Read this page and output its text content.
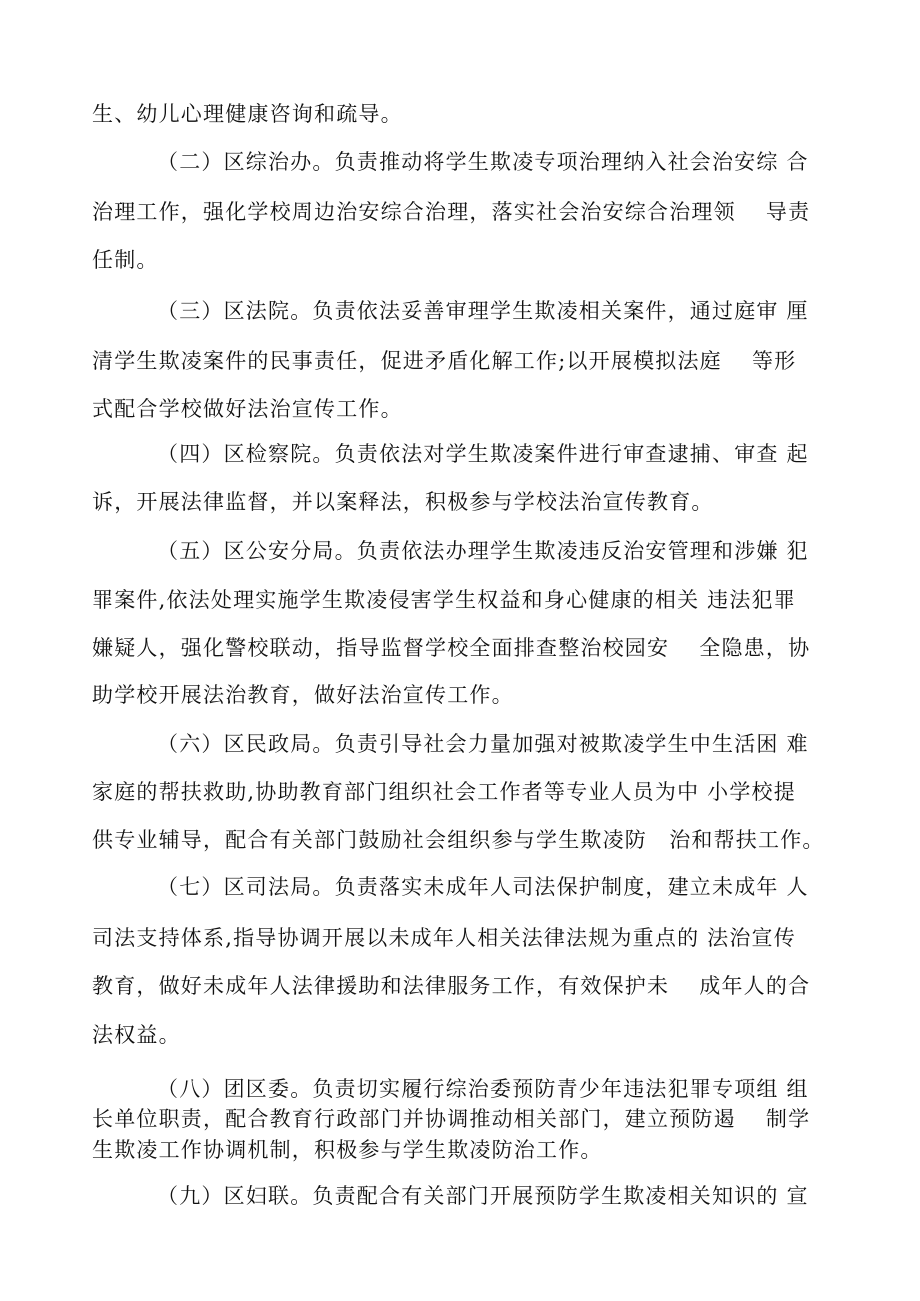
生、幼儿心理健康咨询和疏导。
（二）区综治办。负责推动将学生欺凌专项治理纳入社会治安综 合
治理工作，强化学校周边治安综合治理，落实社会治安综合治理领　 导责
任制。
（三）区法院。负责依法妥善审理学生欺凌相关案件，通过庭审 厘
清学生欺凌案件的民事责任，促进矛盾化解工作;以开展模拟法庭　 等形
式配合学校做好法治宣传工作。
（四）区检察院。负责依法对学生欺凌案件进行审查逮捕、审查 起
诉，开展法律监督，并以案释法，积极参与学校法治宣传教育。
（五）区公安分局。负责依法办理学生欺凌违反治安管理和涉嫌 犯
罪案件,依法处理实施学生欺凌侵害学生权益和身心健康的相关 违法犯罪
嫌疑人，强化警校联动，指导监督学校全面排查整治校园安　 全隐患，协
助学校开展法治教育，做好法治宣传工作。
（六）区民政局。负责引导社会力量加强对被欺凌学生中生活困 难
家庭的帮扶救助,协助教育部门组织社会工作者等专业人员为中 小学校提
供专业辅导，配合有关部门鼓励社会组织参与学生欺凌防　治和帮扶工作。
（七）区司法局。负责落实未成年人司法保护制度，建立未成年 人
司法支持体系,指导协调开展以未成年人相关法律法规为重点的 法治宣传
教育，做好未成年人法律援助和法律服务工作，有效保护未　 成年人的合
法权益。
（八）团区委。负责切实履行综治委预防青少年违法犯罪专项组 组
长单位职责，配合教育行政部门并协调推动相关部门，建立预防遏　 制学
生欺凌工作协调机制，积极参与学生欺凌防治工作。
（九）区妇联。负责配合有关部门开展预防学生欺凌相关知识的 宣
